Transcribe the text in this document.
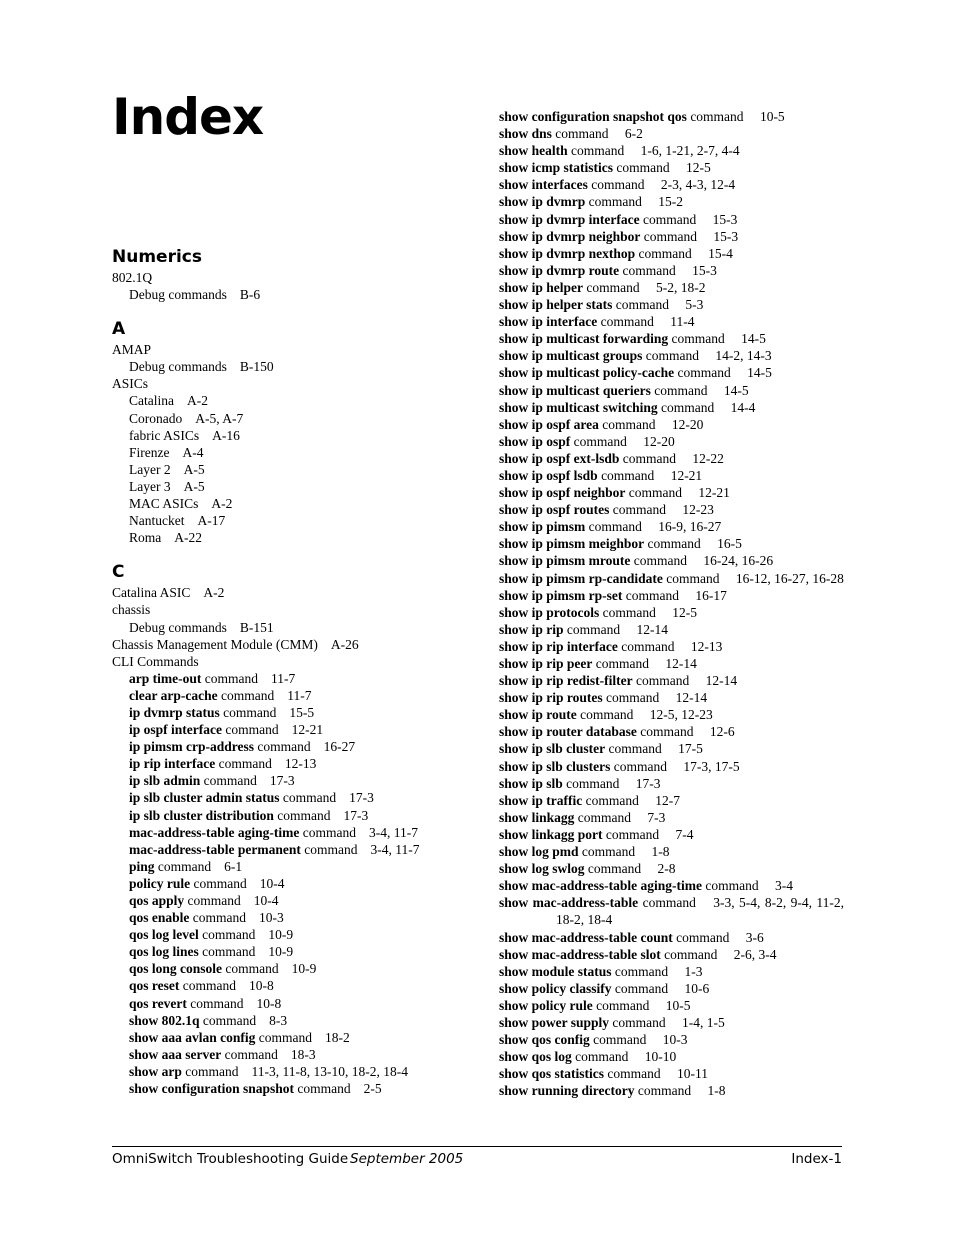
Index
Numerics
802.1Q
Debug commands B-6
A
AMAP
Debug commands B-150
ASICs
Catalina A-2
Coronado A-5, A-7
fabric ASICs A-16
Firenze A-4
Layer 2 A-5
Layer 3 A-5
MAC ASICs A-2
Nantucket A-17
Roma A-22
C
Catalina ASIC A-2
chassis
Debug commands B-151
Chassis Management Module (CMM) A-26
CLI Commands
arp time-out command 11-7
clear arp-cache command 11-7
ip dvmrp status command 15-5
ip ospf interface command 12-21
ip pimsm crp-address command 16-27
ip rip interface command 12-13
ip slb admin command 17-3
ip slb cluster admin status command 17-3
ip slb cluster distribution command 17-3
mac-address-table aging-time command 3-4, 11-7
mac-address-table permanent command 3-4, 11-7
ping command 6-1
policy rule command 10-4
qos apply command 10-4
qos enable command 10-3
qos log level command 10-9
qos log lines command 10-9
qos long console command 10-9
qos reset command 10-8
qos revert command 10-8
show 802.1q command 8-3
show aaa avlan config command 18-2
show aaa server command 18-3
show arp command 11-3, 11-8, 13-10, 18-2, 18-4
show configuration snapshot command 2-5
show configuration snapshot qos command 10-5
show dns command 6-2
show health command 1-6, 1-21, 2-7, 4-4
show icmp statistics command 12-5
show interfaces command 2-3, 4-3, 12-4
show ip dvmrp command 15-2
show ip dvmrp interface command 15-3
show ip dvmrp neighbor command 15-3
show ip dvmrp nexthop command 15-4
show ip dvmrp route command 15-3
show ip helper command 5-2, 18-2
show ip helper stats command 5-3
show ip interface command 11-4
show ip multicast forwarding command 14-5
show ip multicast groups command 14-2, 14-3
show ip multicast policy-cache command 14-5
show ip multicast queriers command 14-5
show ip multicast switching command 14-4
show ip ospf area command 12-20
show ip ospf command 12-20
show ip ospf ext-lsdb command 12-22
show ip ospf lsdb command 12-21
show ip ospf neighbor command 12-21
show ip ospf routes command 12-23
show ip pimsm command 16-9, 16-27
show ip pimsm meighbor command 16-5
show ip pimsm mroute command 16-24, 16-26
show ip pimsm rp-candidate command 16-12, 16-27, 16-28
show ip pimsm rp-set command 16-17
show ip protocols command 12-5
show ip rip command 12-14
show ip rip interface command 12-13
show ip rip peer command 12-14
show ip rip redist-filter command 12-14
show ip rip routes command 12-14
show ip route command 12-5, 12-23
show ip router database command 12-6
show ip slb cluster command 17-5
show ip slb clusters command 17-3, 17-5
show ip slb command 17-3
show ip traffic command 12-7
show linkagg command 7-3
show linkagg port command 7-4
show log pmd command 1-8
show log swlog command 2-8
show mac-address-table aging-time command 3-4
show mac-address-table command 3-3, 5-4, 8-2, 9-4, 11-2, 18-2, 18-4
show mac-address-table count command 3-6
show mac-address-table slot command 2-6, 3-4
show module status command 1-3
show policy classify command 10-6
show policy rule command 10-5
show power supply command 1-4, 1-5
show qos config command 10-3
show qos log command 10-10
show qos statistics command 10-11
show running directory command 1-8
OmniSwitch Troubleshooting Guide September 2005	Index-1
